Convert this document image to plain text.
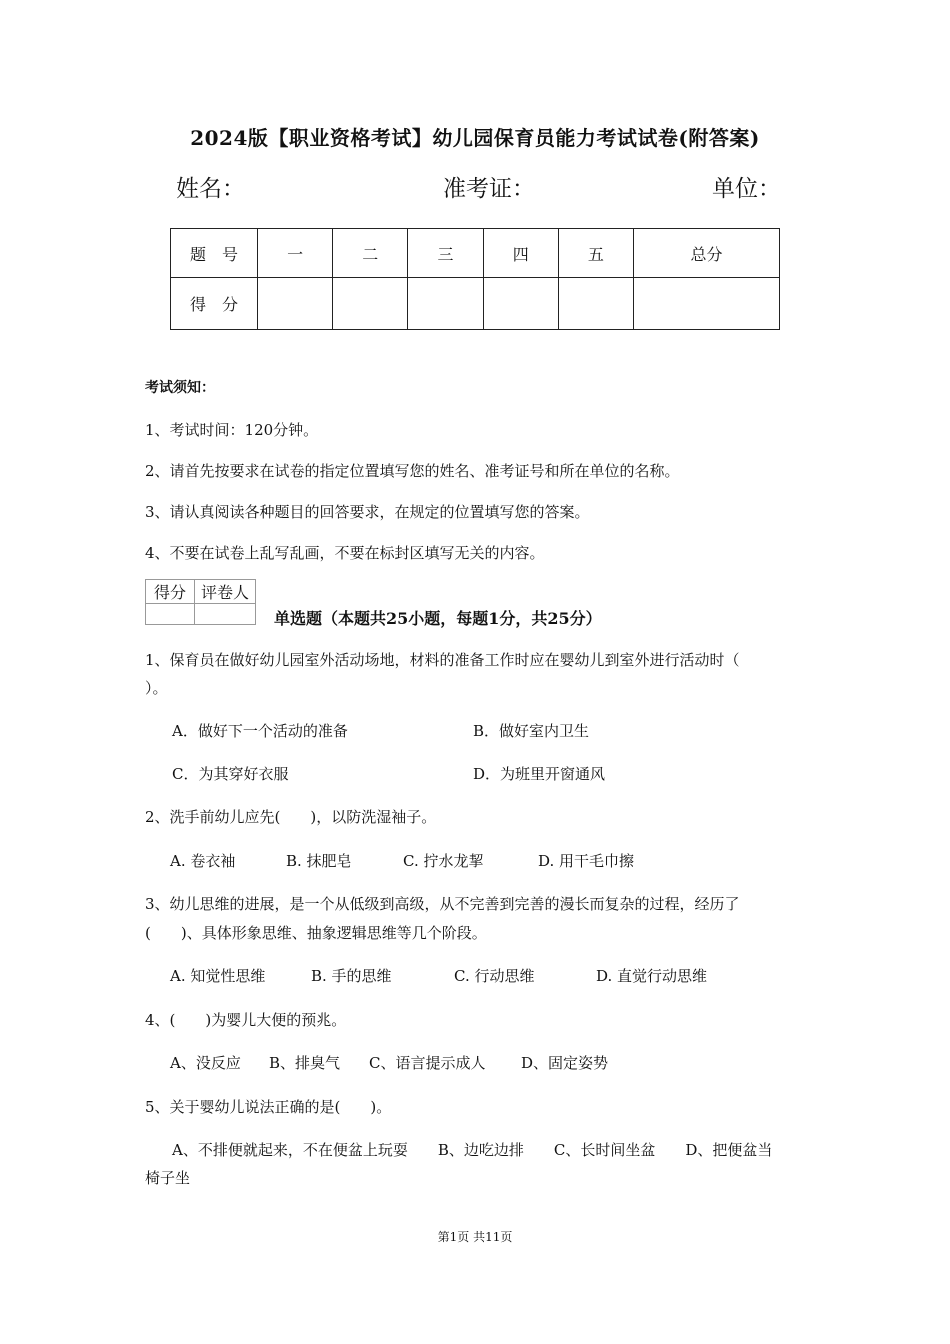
2024版【职业资格考试】幼儿园保育员能力考试试卷(附答案)
姓名：	准考证：	单位：
题　号	一	二	三	四	五	总分
得　分						
考试须知：
1、考试时间：120分钟。
2、请首先按要求在试卷的指定位置填写您的姓名、准考证号和所在单位的名称。
3、请认真阅读各种题目的回答要求，在规定的位置填写您的答案。
4、不要在试卷上乱写乱画，不要在标封区填写无关的内容。
得分	评卷人

单选题（本题共25小题，每题1分，共25分）
1、保育员在做好幼儿园室外活动场地，材料的准备工作时应在婴幼儿到室外进行活动时（
）。
A．做好下一个活动的准备	B．做好室内卫生
C．为其穿好衣服	D．为班里开窗通风
2、洗手前幼儿应先(　　)，以防洗湿袖子。
A. 卷衣袖	B. 抹肥皂	C. 拧水龙挈	D. 用干毛巾擦
3、幼儿思维的进展，是一个从低级到高级，从不完善到完善的漫长而复杂的过程，经历了
(　　)、具体形象思维、抽象逻辑思维等几个阶段。
A. 知觉性思维	B. 手的思维	C. 行动思维	D. 直觉行动思维
4、(　　)为婴儿大便的预兆。
A、没反应 B、排臭气 C、语言提示成人 D、固定姿势
5、关于婴幼儿说法正确的是(　　)。
A、不排便就起来，不在便盆上玩耍　　B、边吃边排　　C、长时间坐盆　　D、把便盆当
椅子坐
第1页 共11页
